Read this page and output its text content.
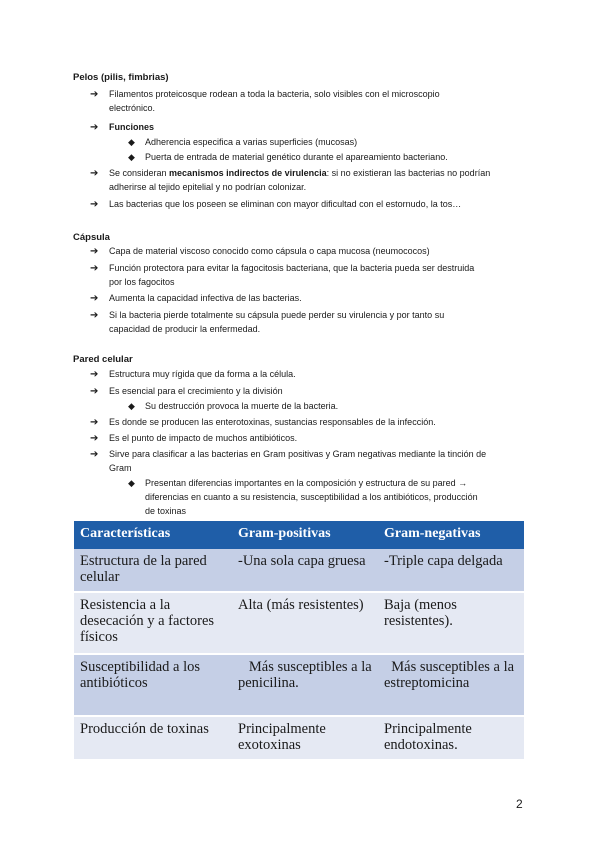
Pelos (pilis, fimbrias)
➔ Filamentos proteicosque rodean a toda la bacteria, solo visibles con el microscopio
electrónico.
➔ Funciones
◆ Adherencia especifica a varias superficies (mucosas)
◆ Puerta de entrada de material genético durante el apareamiento bacteriano.
➔ Se consideran mecanismos indirectos de virulencia: si no existieran las bacterias no podrían
adherirse al tejido epitelial y no podrían colonizar.
➔ Las bacterias que los poseen se eliminan con mayor dificultad con el estornudo, la tos…
Cápsula
➔ Capa de material viscoso conocido como cápsula o capa mucosa (neumococos)
➔ Función protectora para evitar la fagocitosis bacteriana, que la bacteria pueda ser destruida
por los fagocitos
➔ Aumenta la capacidad infectiva de las bacterias.
➔ Si la bacteria pierde totalmente su cápsula puede perder su virulencia y por tanto su
capacidad de producir la enfermedad.
Pared celular
➔ Estructura muy rígida que da forma a la célula.
➔ Es esencial para el crecimiento y la división
◆ Su destrucción provoca la muerte de la bacteria.
➔ Es donde se producen las enterotoxinas, sustancias responsables de la infección.
➔ Es el punto de impacto de muchos antibióticos.
➔ Sirve para clasificar a las bacterias en Gram positivas y Gram negativas mediante la tinción de
Gram
◆ Presentan diferencias importantes en la composición y estructura de su pared →
diferencias en cuanto a su resistencia, susceptibilidad a los antibióticos, producción
de toxinas
Características	Gram-positivas	Gram-negativas
Estructura de la pared celular	-Una sola capa gruesa	-Triple capa delgada
Resistencia a la desecación y a factores físicos	Alta (más resistentes)	Baja (menos resistentes).
Susceptibilidad a los antibióticos	Más susceptibles a la penicilina.	Más susceptibles a la estreptomicina
Producción de toxinas	Principalmente exotoxinas	Principalmente endotoxinas.
2
